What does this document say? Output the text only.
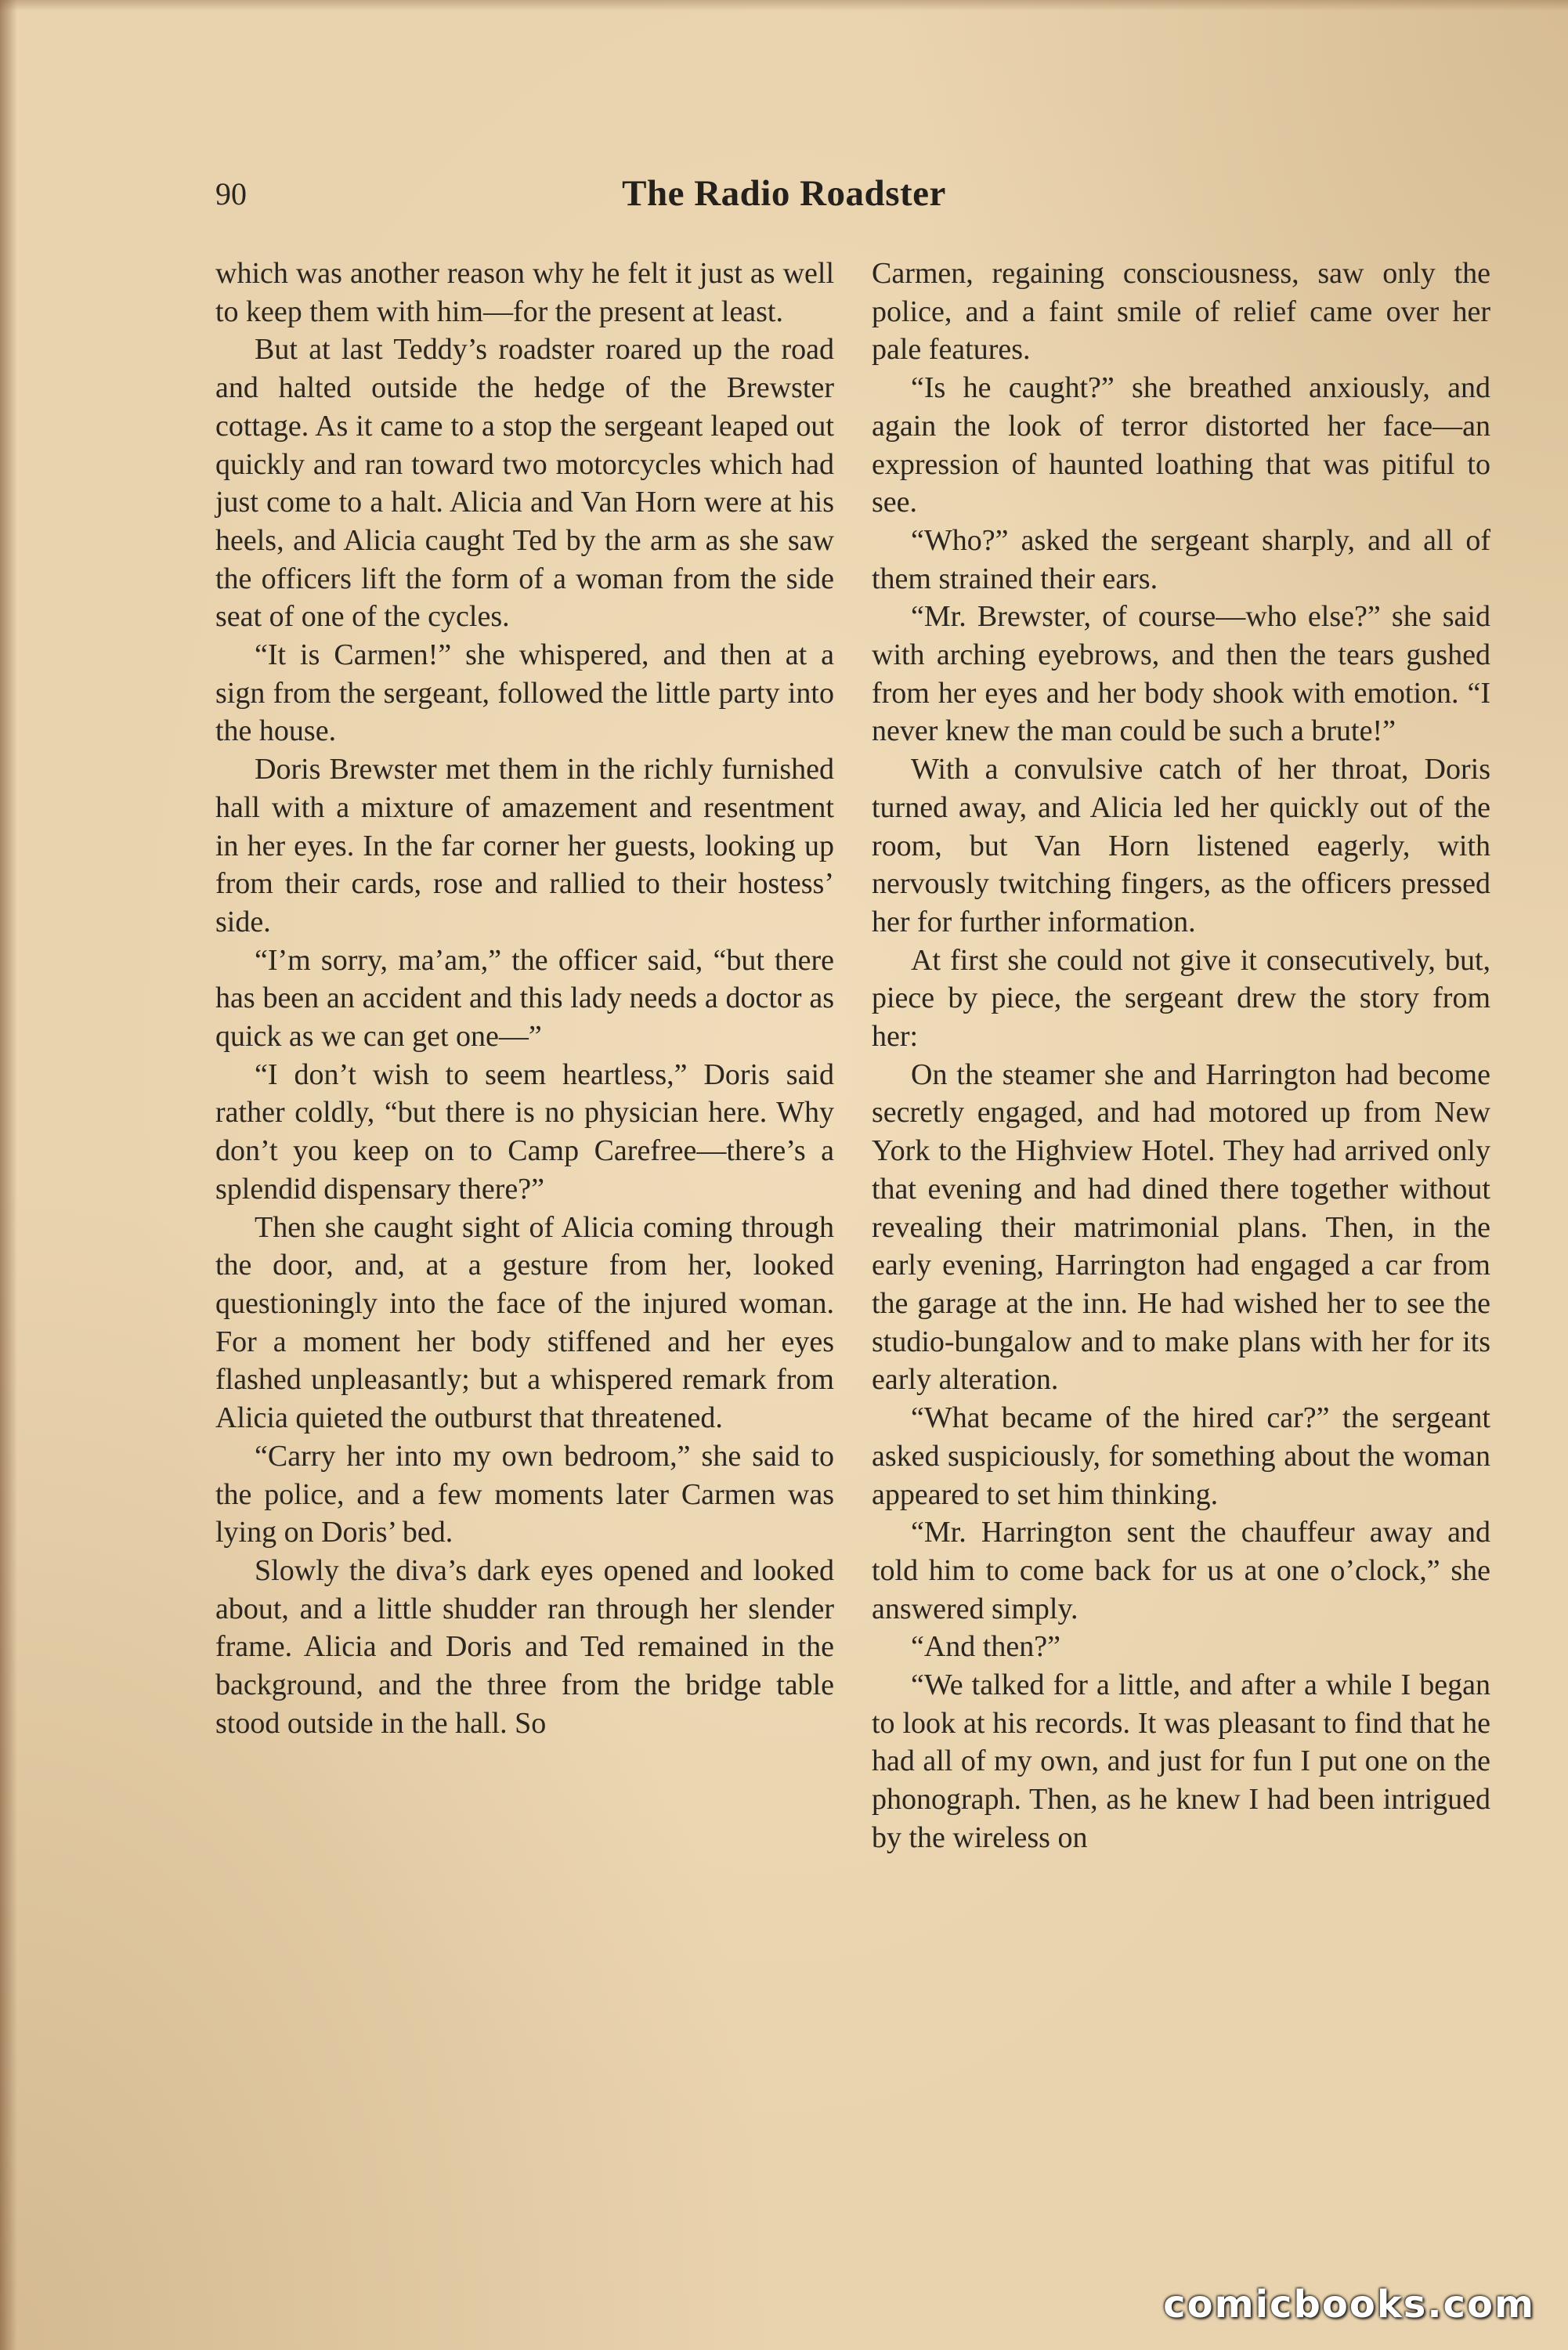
90	The Radio Roadster

which was another reason why he felt it just as well to keep them with him—for the present at least.

But at last Teddy’s roadster roared up the road and halted outside the hedge of the Brewster cottage. As it came to a stop the sergeant leaped out quickly and ran toward two motorcycles which had just come to a halt. Alicia and Van Horn were at his heels, and Alicia caught Ted by the arm as she saw the officers lift the form of a woman from the side seat of one of the cycles.

“It is Carmen!” she whispered, and then at a sign from the sergeant, followed the little party into the house.

Doris Brewster met them in the richly furnished hall with a mixture of amazement and resentment in her eyes. In the far corner her guests, looking up from their cards, rose and rallied to their hostess’ side.

“I’m sorry, ma’am,” the officer said, “but there has been an accident and this lady needs a doctor as quick as we can get one—”

“I don’t wish to seem heartless,” Doris said rather coldly, “but there is no physician here. Why don’t you keep on to Camp Carefree—there’s a splendid dispensary there?”

Then she caught sight of Alicia coming through the door, and, at a gesture from her, looked questioningly into the face of the injured woman. For a moment her body stiffened and her eyes flashed unpleasantly; but a whispered remark from Alicia quieted the outburst that threatened.

“Carry her into my own bedroom,” she said to the police, and a few moments later Carmen was lying on Doris’ bed.

Slowly the diva’s dark eyes opened and looked about, and a little shudder ran through her slender frame. Alicia and Doris and Ted remained in the background, and the three from the bridge table stood outside in the hall. So

Carmen, regaining consciousness, saw only the police, and a faint smile of relief came over her pale features.

“Is he caught?” she breathed anxiously, and again the look of terror distorted her face—an expression of haunted loathing that was pitiful to see.

“Who?” asked the sergeant sharply, and all of them strained their ears.

“Mr. Brewster, of course—who else?” she said with arching eyebrows, and then the tears gushed from her eyes and her body shook with emotion. “I never knew the man could be such a brute!”

With a convulsive catch of her throat, Doris turned away, and Alicia led her quickly out of the room, but Van Horn listened eagerly, with nervously twitching fingers, as the officers pressed her for further information.

At first she could not give it consecutively, but, piece by piece, the sergeant drew the story from her:

On the steamer she and Harrington had become secretly engaged, and had motored up from New York to the Highview Hotel. They had arrived only that evening and had dined there together without revealing their matrimonial plans. Then, in the early evening, Harrington had engaged a car from the garage at the inn. He had wished her to see the studio-bungalow and to make plans with her for its early alteration.

“What became of the hired car?” the sergeant asked suspiciously, for something about the woman appeared to set him thinking.

“Mr. Harrington sent the chauffeur away and told him to come back for us at one o’clock,” she answered simply.

“And then?”

“We talked for a little, and after a while I began to look at his records. It was pleasant to find that he had all of my own, and just for fun I put one on the phonograph. Then, as he knew I had been intrigued by the wireless on

comicbooks.com
